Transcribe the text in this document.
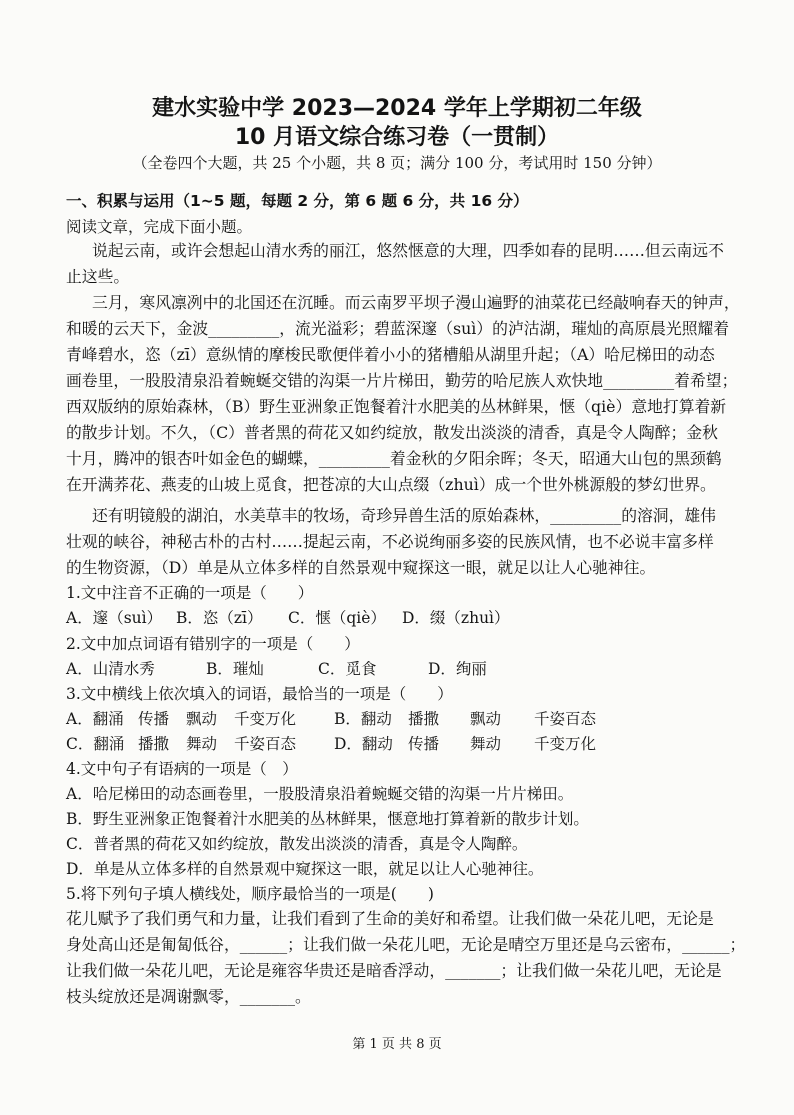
建水实验中学 2023—2024 学年上学期初二年级
10 月语文综合练习卷（一贯制）
（全卷四个大题，共 25 个小题，共 8 页；满分 100 分，考试用时 150 分钟）
一、积累与运用（1~5 题，每题 2 分，第 6 题 6 分，共 16 分）
阅读文章，完成下面小题。
说起云南，或许会想起山清水秀的丽江，悠然惬意的大理，四季如春的昆明……但云南远不
止这些。
三月，寒风凛冽中的北国还在沉睡。而云南罗平坝子漫山遍野的油菜花已经敲响春天的钟声，
和暖的云天下，金波_________，流光溢彩；碧蓝深邃（suì）的泸沽湖，璀灿的高原晨光照耀着
青峰碧水，恣（zī）意纵情的摩梭民歌便伴着小小的猪槽船从湖里升起；（A）哈尼梯田的动态
画卷里，一股股清泉沿着蜿蜒交错的沟渠一片片梯田，勤劳的哈尼族人欢快地_________着希望；
西双版纳的原始森林，（B）野生亚洲象正饱餐着汁水肥美的丛林鲜果，惬（qiè）意地打算着新
的散步计划。不久，（C）普者黑的荷花又如约绽放，散发出淡淡的清香，真是令人陶醉；金秋
十月，腾冲的银杏叶如金色的蝴蝶，_________着金秋的夕阳余晖；冬天，昭通大山包的黑颈鹤
在开满荞花、燕麦的山坡上觅食，把苍凉的大山点缀（zhuì）成一个世外桃源般的梦幻世界。
还有明镜般的湖泊，水美草丰的牧场，奇珍异兽生活的原始森林，_________的溶洞，雄伟
壮观的峡谷，神秘古朴的古村……提起云南，不必说绚丽多姿的民族风情，也不必说丰富多样
的生物资源，（D）单是从立体多样的自然景观中窥探这一眼，就足以让人心驰神往。
1.文中注音不正确的一项是（　　）
A．邃（suì） B．恣（zī） C．惬（qiè） D．缀（zhuì）
2.文中加点词语有错别字的一项是（　　）
A．山清水秀	B．璀灿	C．觅食	D．绚丽
3.文中横线上依次填入的词语，最恰当的一项是（　　）
A．翻涌 传播 飘动 千变万化 B．翻动 播撒 飘动 千姿百态
C．翻涌 播撒 舞动 千姿百态 D．翻动 传播 舞动 千变万化
4.文中句子有语病的一项是（　）
A．哈尼梯田的动态画卷里，一股股清泉沿着蜿蜒交错的沟渠一片片梯田。
B．野生亚洲象正饱餐着汁水肥美的丛林鲜果，惬意地打算着新的散步计划。
C．普者黑的荷花又如约绽放，散发出淡淡的清香，真是令人陶醉。
D．单是从立体多样的自然景观中窥探这一眼，就足以让人心驰神往。
5.将下列句子填人横线处，顺序最恰当的一项是(　　)
花儿赋予了我们勇气和力量，让我们看到了生命的美好和希望。让我们做一朵花儿吧，无论是
身处高山还是匍匐低谷，______；让我们做一朵花儿吧，无论是晴空万里还是乌云密布，______；
让我们做一朵花儿吧，无论是雍容华贵还是暗香浮动，_______；让我们做一朵花儿吧，无论是
枝头绽放还是凋谢飘零，_______。
第 1 页 共 8 页
